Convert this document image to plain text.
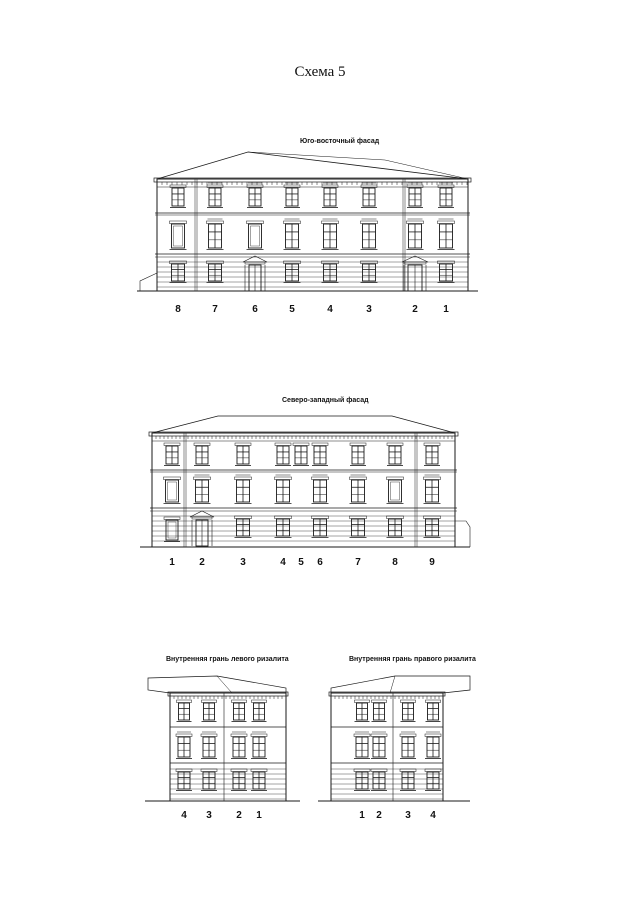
Схема 5
Юго-восточный фасад
8	7	6	5	4	3	2	1
Северо-западный фасад
1	2	3	4	5	6	7	8	9
Внутренняя грань левого ризалита
4	3	2	1
Внутренняя грань правого ризалита
1	2	3	4
